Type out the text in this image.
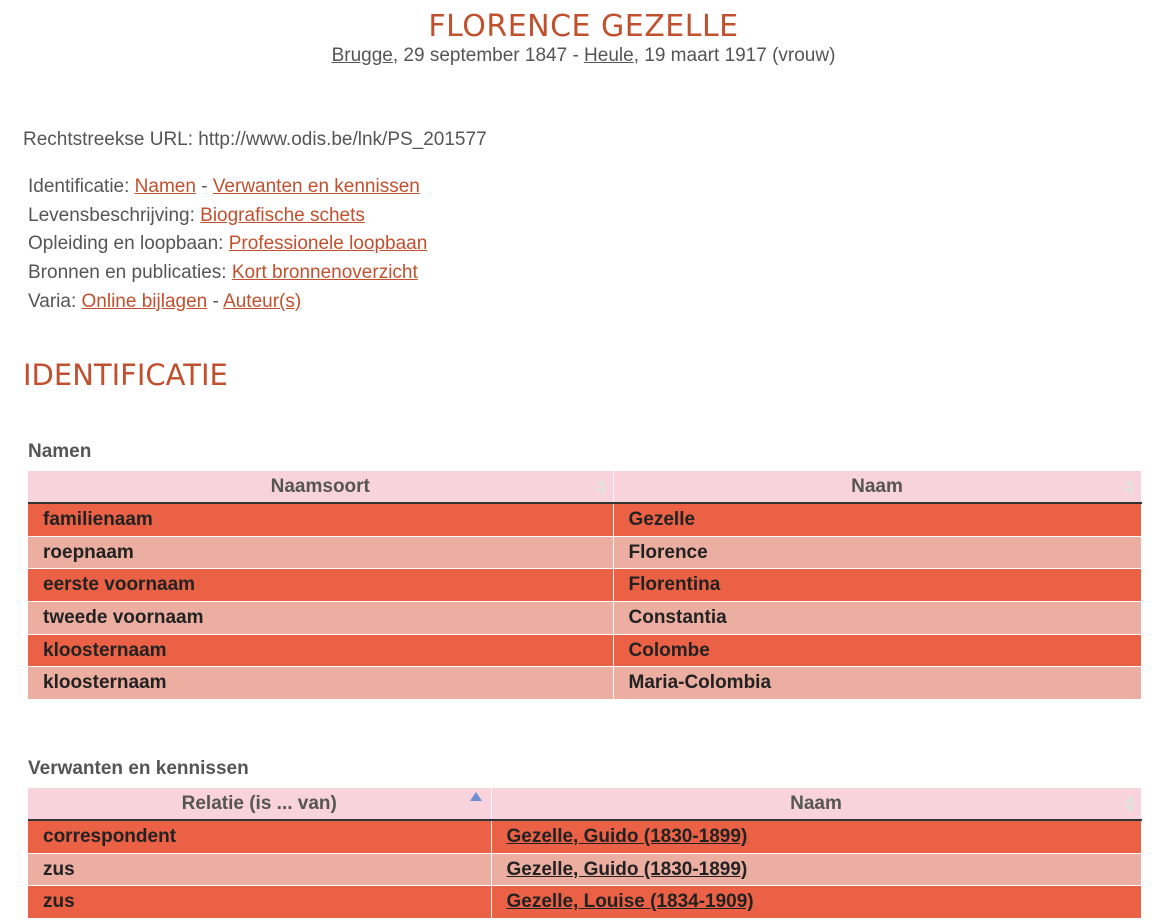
FLORENCE GEZELLE
Brugge, 29 september 1847 - Heule, 19 maart 1917 (vrouw)
Rechtstreekse URL: http://www.odis.be/lnk/PS_201577
Identificatie: Namen - Verwanten en kennissen
Levensbeschrijving: Biografische schets
Opleiding en loopbaan: Professionele loopbaan
Bronnen en publicaties: Kort bronnenoverzicht
Varia: Online bijlagen - Auteur(s)
IDENTIFICATIE
Namen
Naamsoort	Naam

familienaam	Gezelle
roepnaam	Florence
eerste voornaam	Florentina
tweede voornaam	Constantia
kloosternaam	Colombe
kloosternaam	Maria-Colombia
Verwanten en kennissen
Relatie (is ... van)	Naam

correspondent	Gezelle, Guido (1830-1899)
zus	Gezelle, Guido (1830-1899)
zus	Gezelle, Louise (1834-1909)
